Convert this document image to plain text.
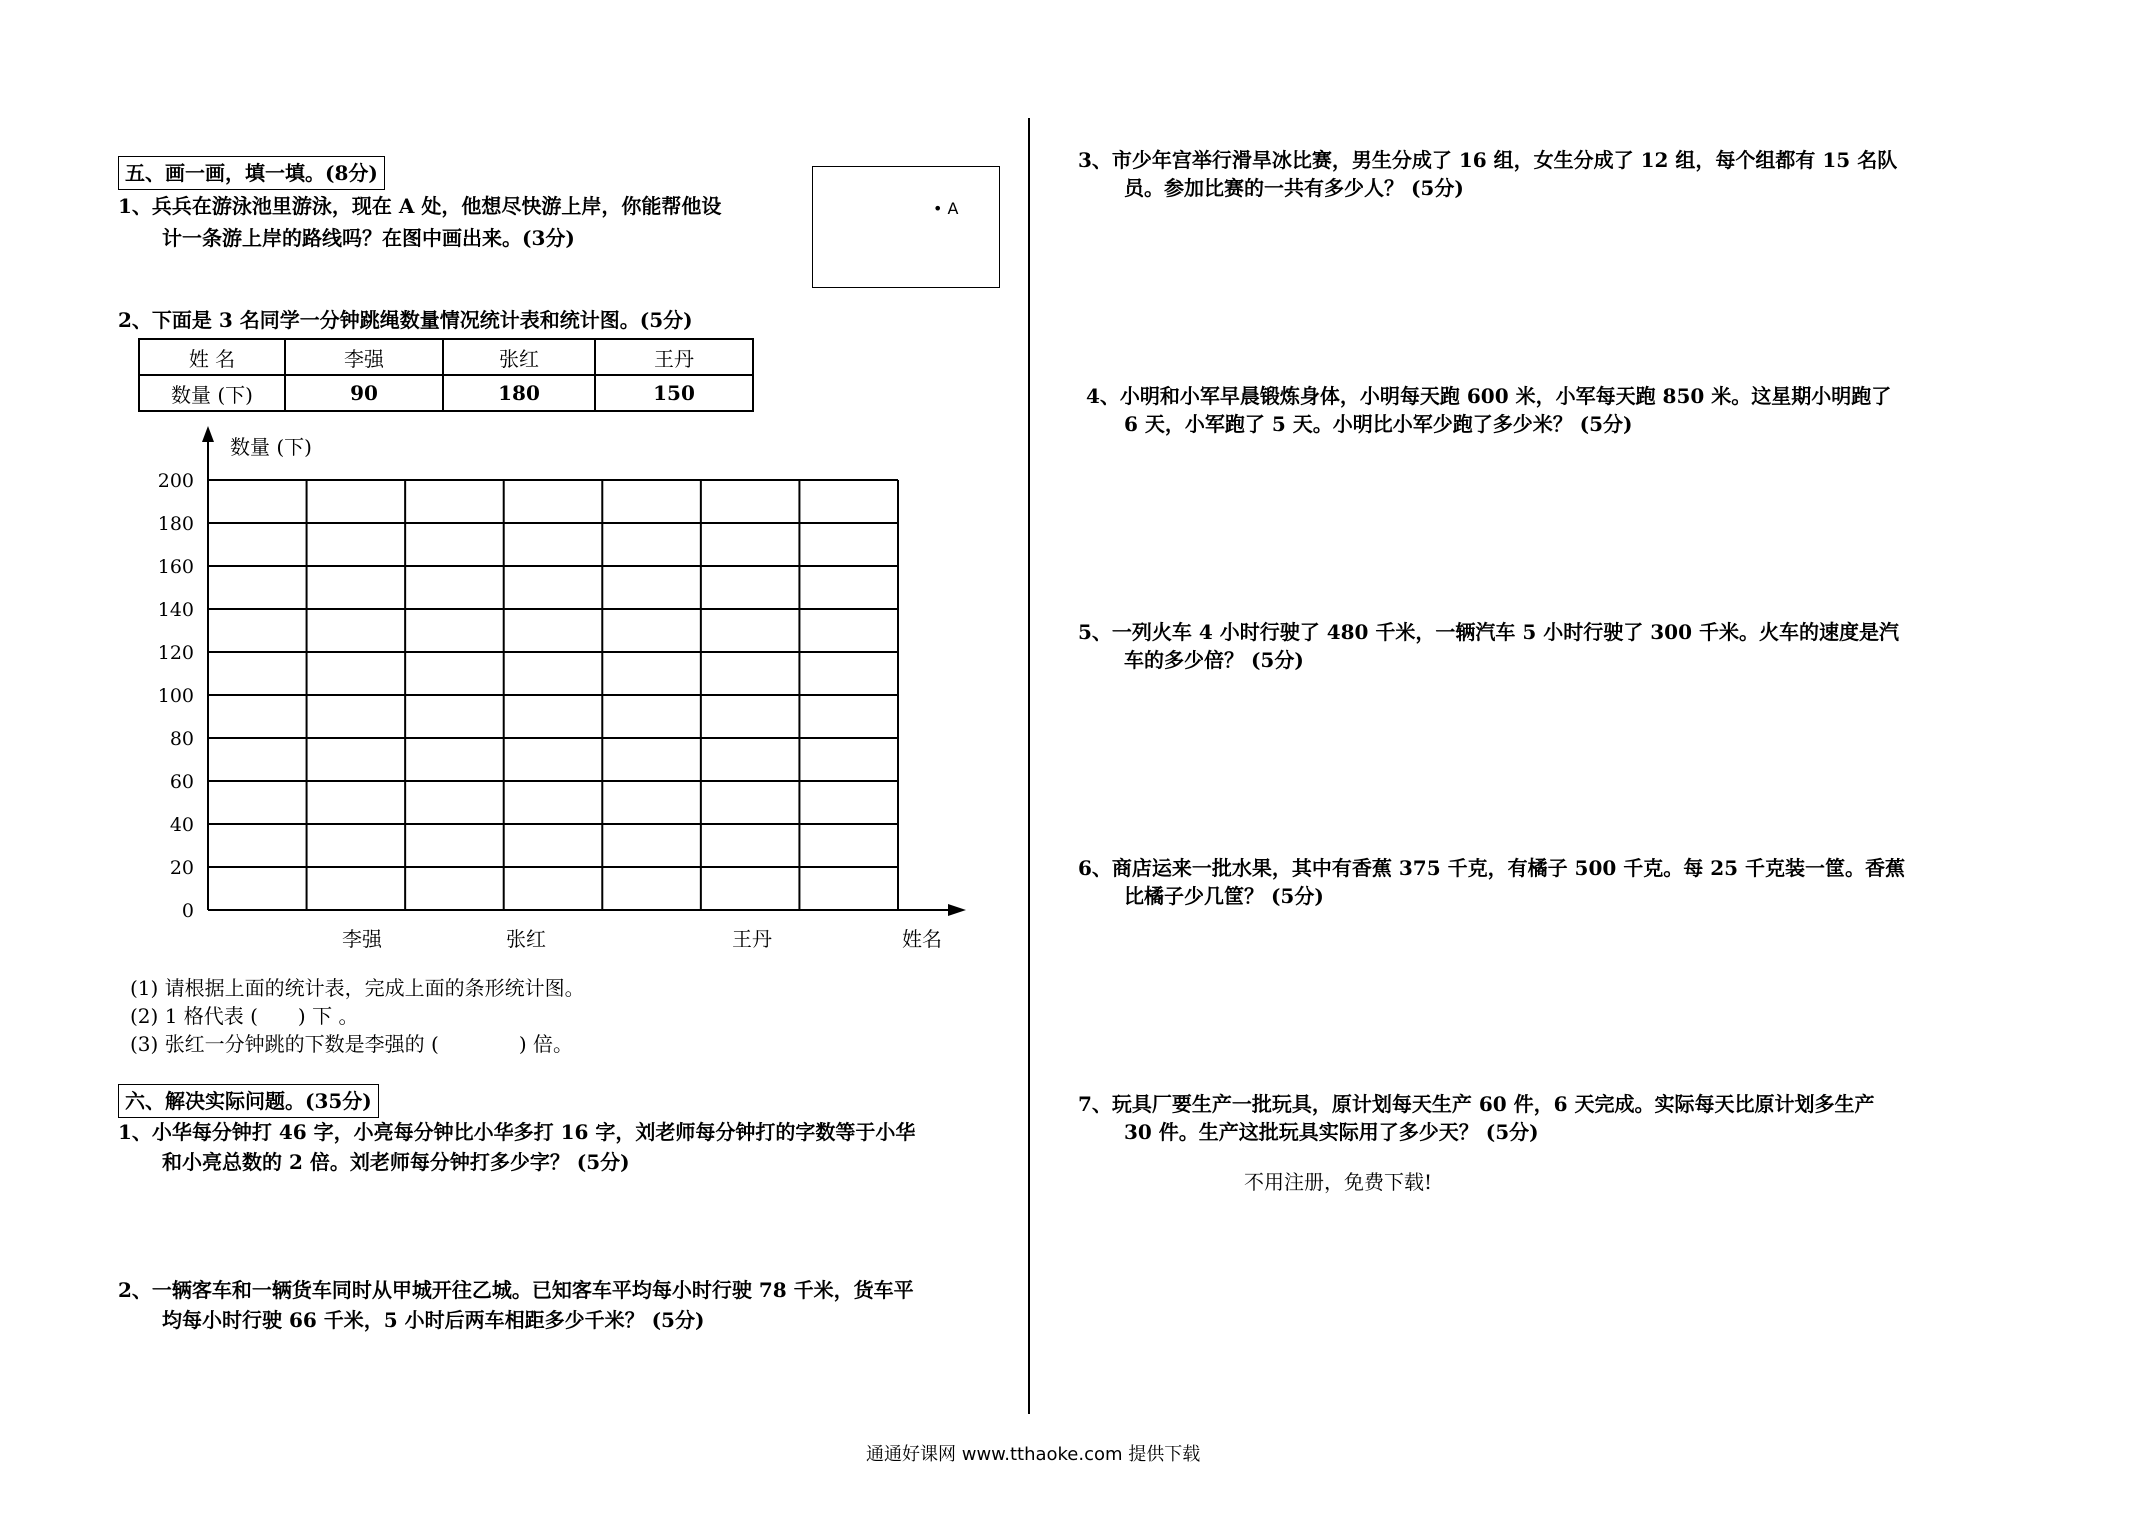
五、画一画，填一填。(8分)
1、兵兵在游泳池里游泳，现在 A 处，他想尽快游上岸，你能帮他设
计一条游上岸的路线吗？在图中画出来。(3分)
• A
2、下面是 3 名同学一分钟跳绳数量情况统计表和统计图。(5分)
姓 名	李强	张红	王丹
数量 (下)	90	180	150
200
180
160
140
120
100
80
60
40
20
0
数量 (下)
李强	张红	王丹	姓名
(1) 请根据上面的统计表，完成上面的条形统计图。
(2) 1 格代表 (　　) 下 。
(3) 张红一分钟跳的下数是李强的 (　　　　) 倍。
六、解决实际问题。(35分)
1、小华每分钟打 46 字，小亮每分钟比小华多打 16 字，刘老师每分钟打的字数等于小华
和小亮总数的 2 倍。刘老师每分钟打多少字？ (5分)
2、一辆客车和一辆货车同时从甲城开往乙城。已知客车平均每小时行驶 78 千米，货车平
均每小时行驶 66 千米，5 小时后两车相距多少千米？ (5分)
3、市少年宫举行滑旱冰比赛，男生分成了 16 组，女生分成了 12 组，每个组都有 15 名队
员。参加比赛的一共有多少人？ (5分)
4、小明和小军早晨锻炼身体，小明每天跑 600 米，小军每天跑 850 米。这星期小明跑了
6 天，小军跑了 5 天。小明比小军少跑了多少米？ (5分)
5、一列火车 4 小时行驶了 480 千米，一辆汽车 5 小时行驶了 300 千米。火车的速度是汽
车的多少倍？ (5分)
6、商店运来一批水果，其中有香蕉 375 千克，有橘子 500 千克。每 25 千克装一筐。香蕉
比橘子少几筐？ (5分)
7、玩具厂要生产一批玩具，原计划每天生产 60 件，6 天完成。实际每天比原计划多生产
30 件。生产这批玩具实际用了多少天？ (5分)
不用注册，免费下载!
通通好课网 www.tthaoke.com 提供下载
